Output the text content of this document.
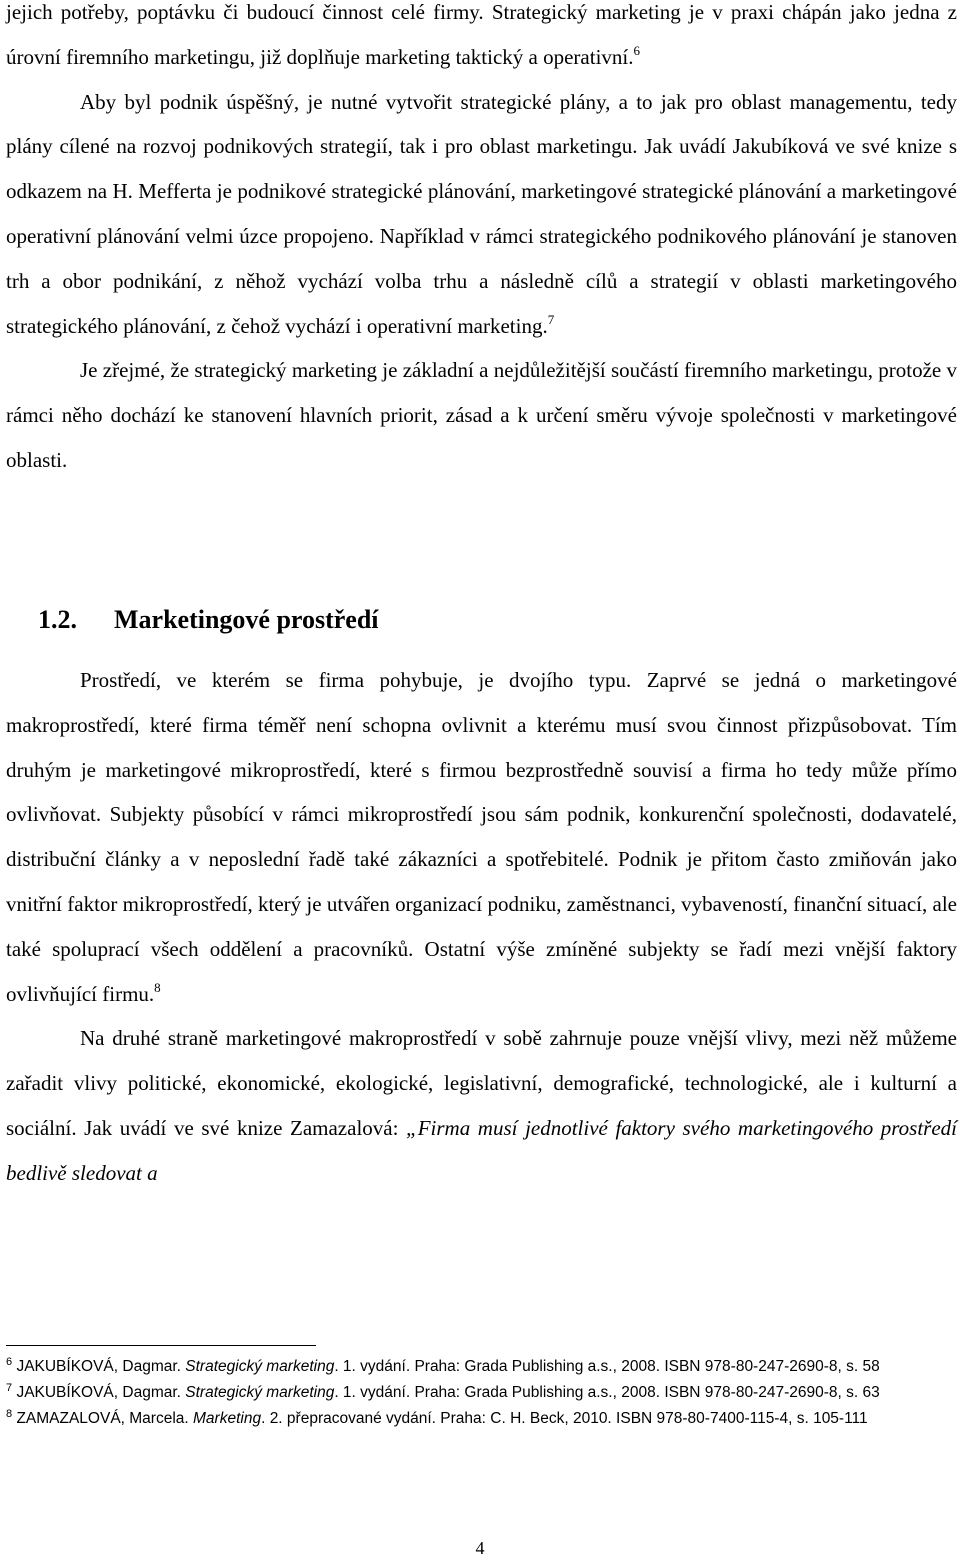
jejich potřeby, poptávku či budoucí činnost celé firmy. Strategický marketing je v praxi chápán jako jedna z úrovní firemního marketingu, již doplňuje marketing taktický a operativní.$^6$

Aby byl podnik úspěšný, je nutné vytvořit strategické plány, a to jak pro oblast managementu, tedy plány cílené na rozvoj podnikových strategií, tak i pro oblast marketingu. Jak uvádí Jakubíková ve své knize s odkazem na H. Mefferta je podnikové strategické plánování, marketingové strategické plánování a marketingové operativní plánování velmi úzce propojeno. Například v rámci strategického podnikového plánování je stanoven trh a obor podnikání, z něhož vychází volba trhu a následně cílů a strategií v oblasti marketingového strategického plánování, z čehož vychází i operativní marketing.$^7$

Je zřejmé, že strategický marketing je základní a nejdůležitější součástí firemního marketingu, protože v rámci něho dochází ke stanovení hlavních priorit, zásad a k určení směru vývoje společnosti v marketingové oblasti.

1.2. Marketingové prostředí

Prostředí, ve kterém se firma pohybuje, je dvojího typu. Zaprvé se jedná o marketingové makroprostředí, které firma téměř není schopna ovlivnit a kterému musí svou činnost přizpůsobovat. Tím druhým je marketingové mikroprostředí, které s firmou bezprostředně souvisí a firma ho tedy může přímo ovlivňovat. Subjekty působící v rámci mikroprostředí jsou sám podnik, konkurenční společnosti, dodavatelé, distribuční články a v neposlední řadě také zákazníci a spotřebitelé. Podnik je přitom často zmiňován jako vnitřní faktor mikroprostředí, který je utvářen organizací podniku, zaměstnanci, vybaveností, finanční situací, ale také spoluprací všech oddělení a pracovníků. Ostatní výše zmíněné subjekty se řadí mezi vnější faktory ovlivňující firmu.$^8$

Na druhé straně marketingové makroprostředí v sobě zahrnuje pouze vnější vlivy, mezi něž můžeme zařadit vlivy politické, ekonomické, ekologické, legislativní, demografické, technologické, ale i kulturní a sociální. Jak uvádí ve své knize Zamazalová: „Firma musí jednotlivé faktory svého marketingového prostředí bedlivě sledovat a

$^6$ JAKUBÍKOVÁ, Dagmar. Strategický marketing. 1. vydání. Praha: Grada Publishing a.s., 2008. ISBN 978-80-247-2690-8, s. 58

$^7$ JAKUBÍKOVÁ, Dagmar. Strategický marketing. 1. vydání. Praha: Grada Publishing a.s., 2008. ISBN 978-80-247-2690-8, s. 63

$^8$ ZAMAZALOVÁ, Marcela. Marketing. 2. přepracované vydání. Praha: C. H. Beck, 2010. ISBN 978-80-7400-115-4, s. 105-111

4
